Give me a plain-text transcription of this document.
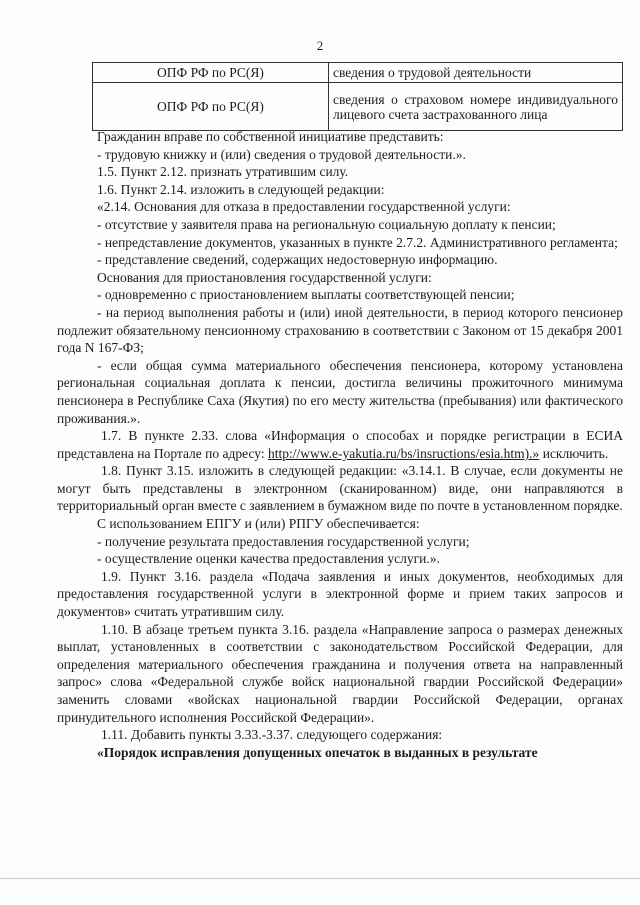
2
ОПФ РФ по РС(Я)	сведения о трудовой деятельности
ОПФ РФ по РС(Я)	сведения о страховом номере индивидуального лицевого счета застрахованного лица

Гражданин вправе по собственной инициативе представить:

- трудовую книжку и (или) сведения о трудовой деятельности.».

1.5. Пункт 2.12. признать утратившим силу.

1.6. Пункт 2.14. изложить в следующей редакции:

«2.14. Основания для отказа в предоставлении государственной услуги:

- отсутствие у заявителя права на региональную социальную доплату к пенсии;

- непредставление документов, указанных в пункте 2.7.2. Административного регламента;

- представление сведений, содержащих недостоверную информацию.

Основания для приостановления государственной услуги:

- одновременно с приостановлением выплаты соответствующей пенсии;

- на период выполнения работы и (или) иной деятельности, в период которого пенсионер подлежит обязательному пенсионному страхованию в соответствии с Законом от 15 декабря 2001 года N 167-ФЗ;

- если общая сумма материального обеспечения пенсионера, которому установлена региональная социальная доплата к пенсии, достигла величины прожиточного минимума пенсионера в Республике Саха (Якутия) по его месту жительства (пребывания) или фактического проживания.».

1.7. В пункте 2.33. слова «Информация о способах и порядке регистрации в ЕСИА представлена на Портале по адресу: http://www.e-yakutia.ru/bs/insructions/esia.htm).» исключить.

1.8. Пункт 3.15. изложить в следующей редакции: «3.14.1. В случае, если документы не могут быть представлены в электронном (сканированном) виде, они направляются в территориальный орган вместе с заявлением в бумажном виде по почте в установленном порядке.

С использованием ЕПГУ и (или) РПГУ обеспечивается:

- получение результата предоставления государственной услуги;

- осуществление оценки качества предоставления услуги.».

1.9. Пункт 3.16. раздела «Подача заявления и иных документов, необходимых для предоставления государственной услуги в электронной форме и прием таких запросов и документов» считать утратившим силу.

1.10. В абзаце третьем пункта 3.16. раздела «Направление запроса о размерах денежных выплат, установленных в соответствии с законодательством Российской Федерации, для определения материального обеспечения гражданина и получения ответа на направленный запрос» слова «Федеральной службе войск национальной гвардии Российской Федерации» заменить словами «войсках национальной гвардии Российской Федерации, органах принудительного исполнения Российской Федерации».

1.11. Добавить пункты 3.33.-3.37. следующего содержания:

«Порядок исправления допущенных опечаток в выданных в результате
